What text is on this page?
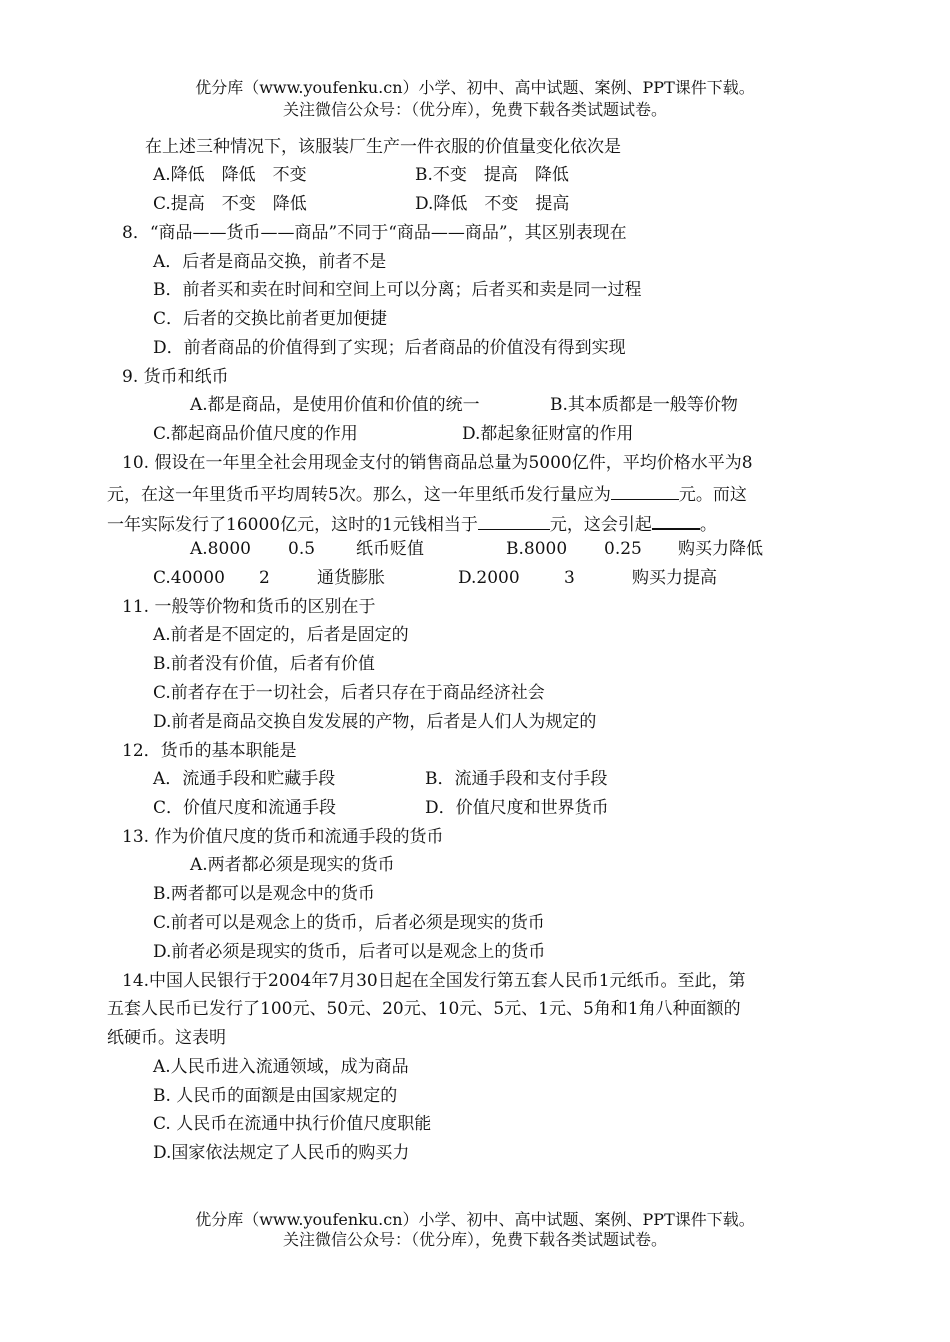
优分库（www.youfenku.cn）小学、初中、高中试题、案例、PPT课件下载。
关注微信公众号：（优分库），免费下载各类试题试卷。
在上述三种情况下，该服装厂生产一件衣服的价值量变化依次是
A.降低　降低　不变	B.不变　提高　降低
C.提高　不变　降低	D.降低　不变　提高
8．“商品——货币——商品”不同于“商品——商品”，其区别表现在
A．后者是商品交换，前者不是
B．前者买和卖在时间和空间上可以分离；后者买和卖是同一过程
C．后者的交换比前者更加便捷
D．前者商品的价值得到了实现；后者商品的价值没有得到实现
9. 货币和纸币
A.都是商品，是使用价值和价值的统一	B.其本质都是一般等价物
C.都起商品价值尺度的作用	D.都起象征财富的作用
10. 假设在一年里全社会用现金支付的销售商品总量为5000亿件，平均价格水平为8
元，在这一年里货币平均周转5次。那么，这一年里纸币发行量应为	元。而这
一年实际发行了16000亿元，这时的1元钱相当于	元，这会引起	。
A.8000 0.5 纸币贬值	B.8000 0.25 购买力降低
C.40000 2	通货膨胀	D.2000	3	购买力提高
11. 一般等价物和货币的区别在于
A.前者是不固定的，后者是固定的
B.前者没有价值，后者有价值
C.前者存在于一切社会，后者只存在于商品经济社会
D.前者是商品交换自发发展的产物，后者是人们人为规定的
12．货币的基本职能是
A．流通手段和贮藏手段	B．流通手段和支付手段
C．价值尺度和流通手段	D．价值尺度和世界货币
13. 作为价值尺度的货币和流通手段的货币
A.两者都必须是现实的货币
B.两者都可以是观念中的货币
C.前者可以是观念上的货币，后者必须是现实的货币
D.前者必须是现实的货币，后者可以是观念上的货币
14.中国人民银行于2004年7月30日起在全国发行第五套人民币1元纸币。至此，第
五套人民币已发行了100元、50元、20元、10元、5元、1元、5角和1角八种面额的
纸硬币。这表明
A.人民币进入流通领域，成为商品
B. 人民币的面额是由国家规定的
C. 人民币在流通中执行价值尺度职能
D.国家依法规定了人民币的购买力
优分库（www.youfenku.cn）小学、初中、高中试题、案例、PPT课件下载。
关注微信公众号：（优分库），免费下载各类试题试卷。
